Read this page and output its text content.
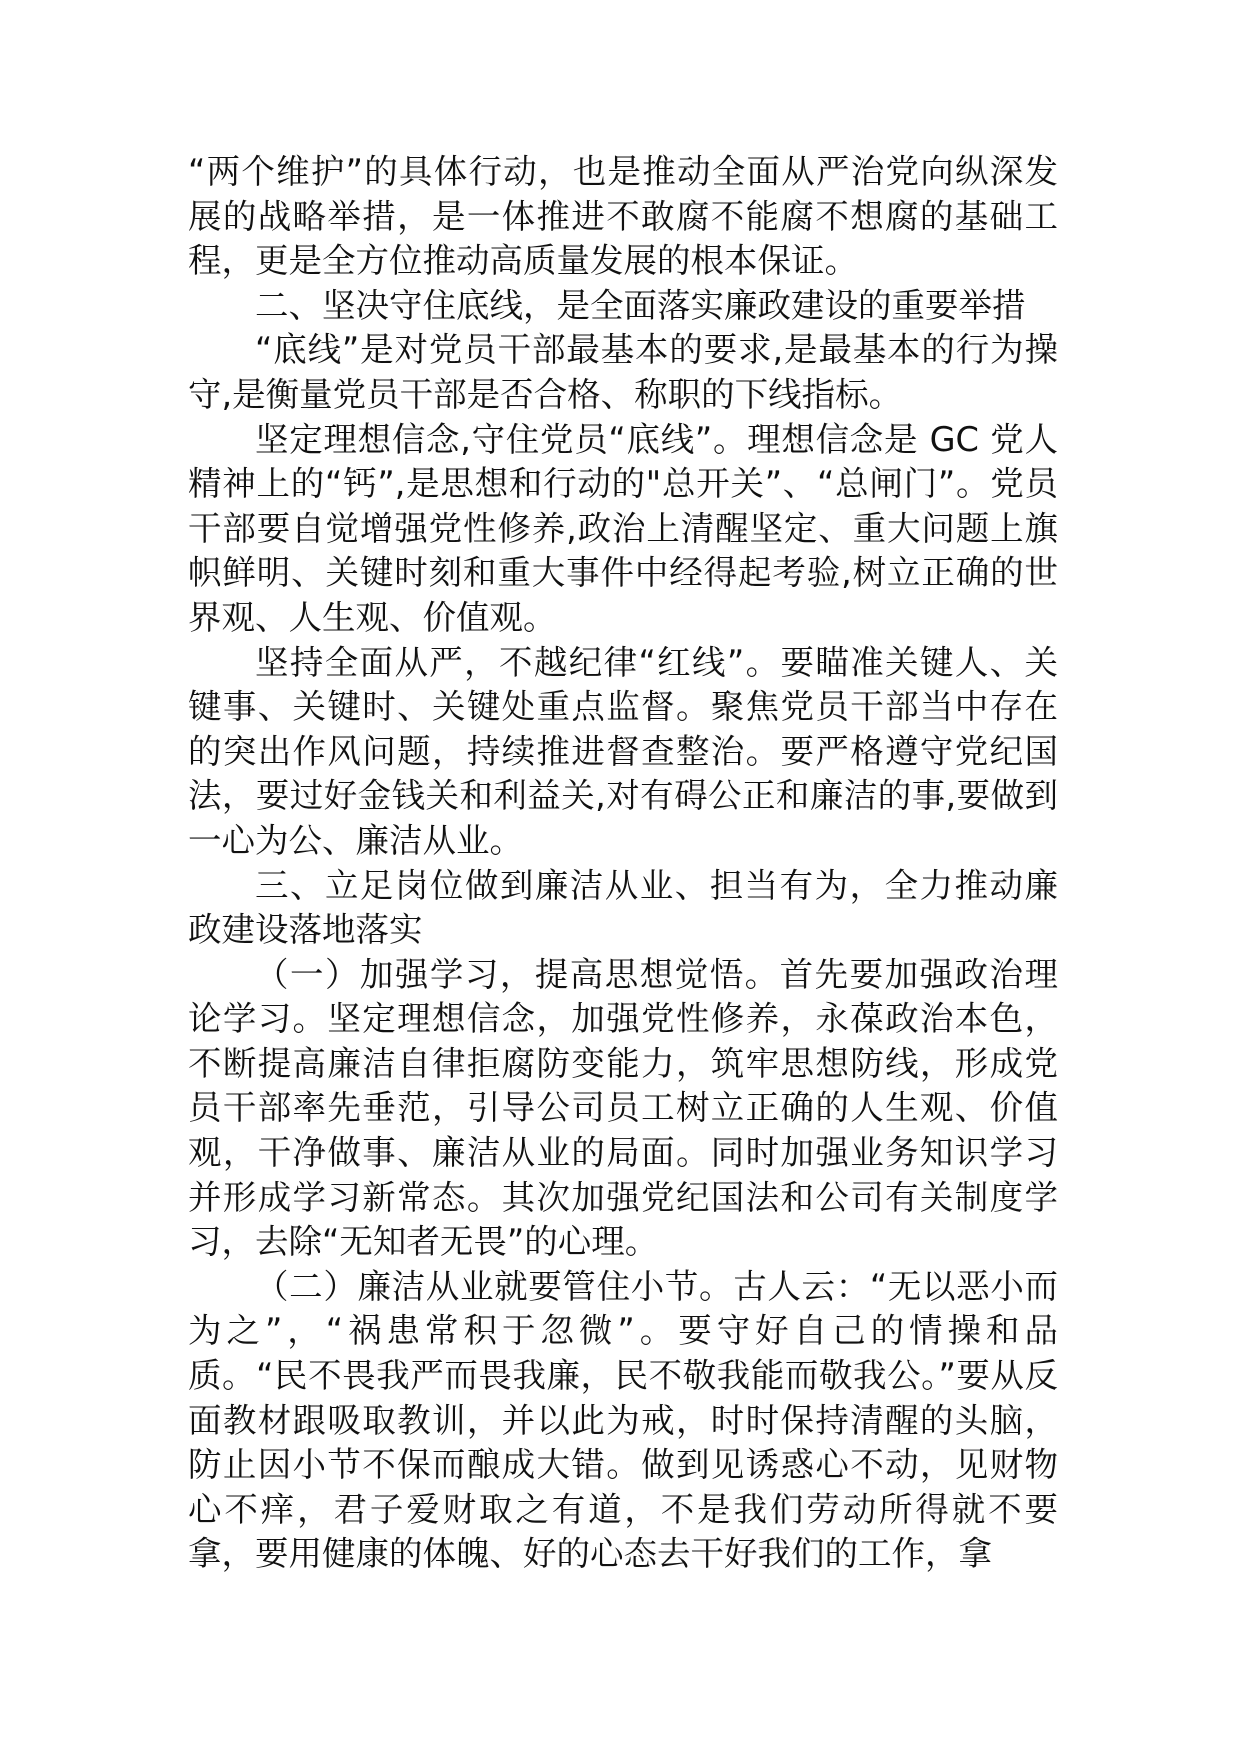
“两个维护”的具体行动，也是推动全面从严治党向纵深发展的战略举措，是一体推进不敢腐不能腐不想腐的基础工程，更是全方位推动高质量发展的根本保证。

二、坚决守住底线，是全面落实廉政建设的重要举措

“底线”是对党员干部最基本的要求,是最基本的行为操守,是衡量党员干部是否合格、称职的下线指标。

坚定理想信念,守住党员“底线”。理想信念是 GC 党人精神上的“钙”,是思想和行动的"总开关”、“总闸门”。党员干部要自觉增强党性修养,政治上清醒坚定、重大问题上旗帜鲜明、关键时刻和重大事件中经得起考验,树立正确的世界观、人生观、价值观。

坚持全面从严，不越纪律“红线”。要瞄准关键人、关键事、关键时、关键处重点监督。聚焦党员干部当中存在的突出作风问题，持续推进督查整治。要严格遵守党纪国法，要过好金钱关和利益关,对有碍公正和廉洁的事,要做到一心为公、廉洁从业。

三、立足岗位做到廉洁从业、担当有为，全力推动廉政建设落地落实

（一）加强学习，提高思想觉悟。首先要加强政治理论学习。坚定理想信念，加强党性修养，永葆政治本色，不断提高廉洁自律拒腐防变能力，筑牢思想防线，形成党员干部率先垂范，引导公司员工树立正确的人生观、价值观，干净做事、廉洁从业的局面。同时加强业务知识学习并形成学习新常态。其次加强党纪国法和公司有关制度学习，去除“无知者无畏”的心理。

（二）廉洁从业就要管住小节。古人云：“无以恶小而为之”，“祸患常积于忽微”。要守好自己的情操和品质。“民不畏我严而畏我廉，民不敬我能而敬我公。”要从反面教材跟吸取教训，并以此为戒，时时保持清醒的头脑，防止因小节不保而酿成大错。做到见诱惑心不动，见财物心不痒，君子爱财取之有道，不是我们劳动所得就不要拿，要用健康的体魄、好的心态去干好我们的工作，拿
